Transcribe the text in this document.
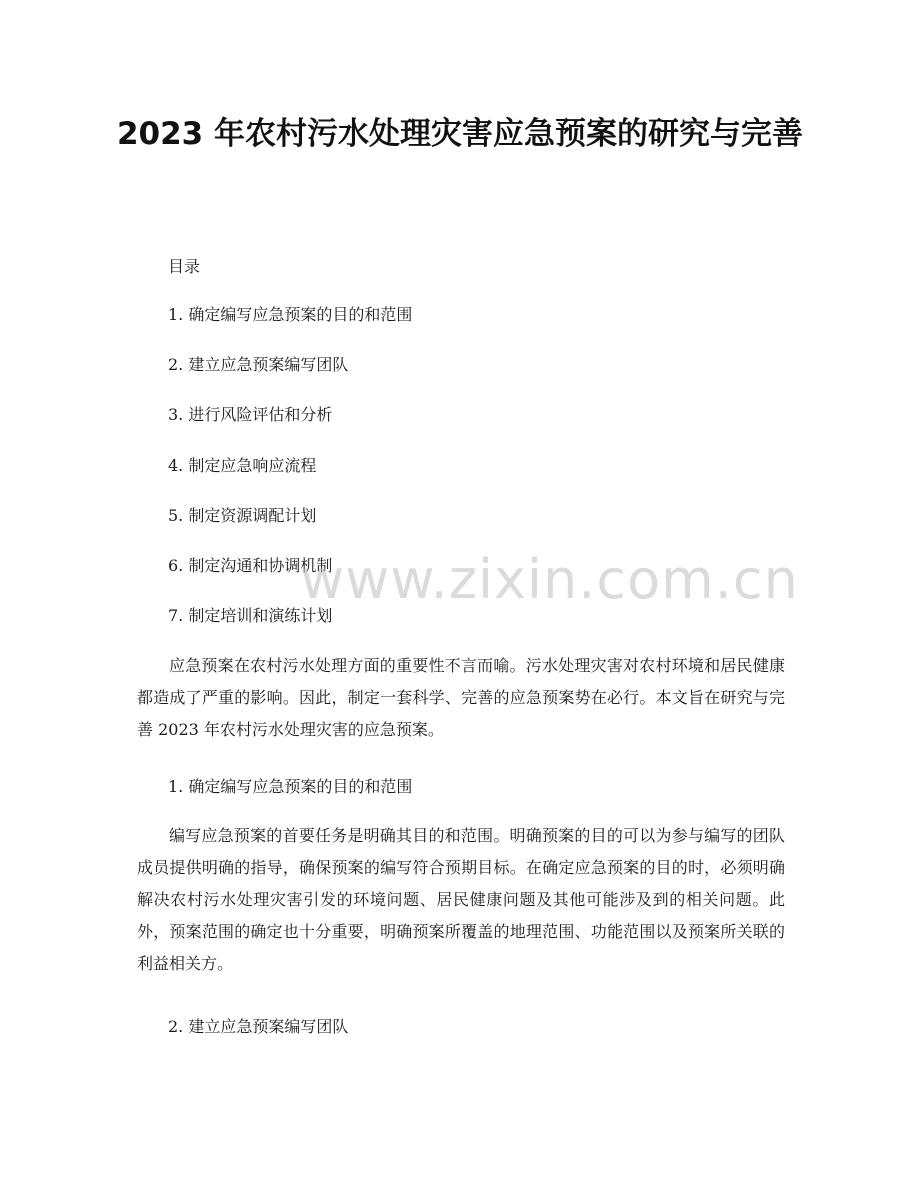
2023 年农村污水处理灾害应急预案的研究与完善
目录
1. 确定编写应急预案的目的和范围
2. 建立应急预案编写团队
3. 进行风险评估和分析
4. 制定应急响应流程
5. 制定资源调配计划
6. 制定沟通和协调机制
7. 制定培训和演练计划
应急预案在农村污水处理方面的重要性不言而喻。污水处理灾害对农村环境和居民健康都造成了严重的影响。因此，制定一套科学、完善的应急预案势在必行。本文旨在研究与完善 2023 年农村污水处理灾害的应急预案。
1. 确定编写应急预案的目的和范围
编写应急预案的首要任务是明确其目的和范围。明确预案的目的可以为参与编写的团队成员提供明确的指导，确保预案的编写符合预期目标。在确定应急预案的目的时，必须明确解决农村污水处理灾害引发的环境问题、居民健康问题及其他可能涉及到的相关问题。此外，预案范围的确定也十分重要，明确预案所覆盖的地理范围、功能范围以及预案所关联的利益相关方。
2. 建立应急预案编写团队
www.zixin.com.cn
